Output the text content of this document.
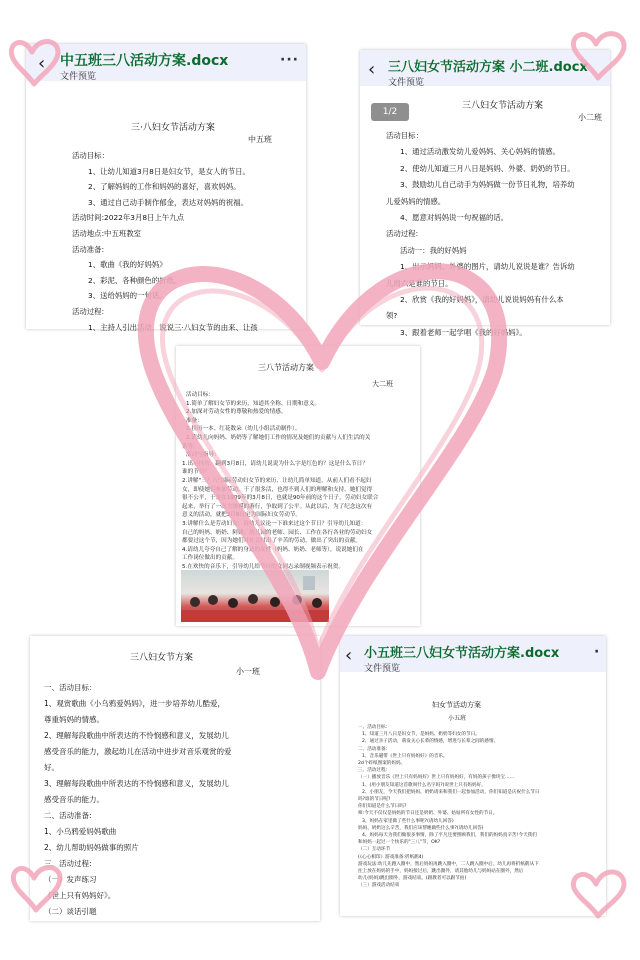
‹ 中五班三八活动方案.docx
文件预览
···
三·八妇女节活动方案
中五班
活动目标：
1、让幼儿知道3月8日是妇女节，是女人的节日。
2、了解妈妈的工作和妈妈的喜好，喜欢妈妈。
3、通过自己动手制作郁金，表达对妈妈的祝福。
活动时间:2022年3月8日上午九点
活动地点:中五班教室
活动准备:
1、歌曲《我的好妈妈》
2、彩泥、各种颜色的折纸。
3、送给妈妈的一句话。
活动过程:
1、主持人引出活动、说说三·八妇女节的由来、让孩
‹ 三八妇女节活动方案 小二班.docx
文件预览
1/2
三八妇女节活动方案
小二班
活动目标：
1、通过活动激发幼儿爱妈妈、关心妈妈的情感。
2、使幼儿知道三月八日是妈妈、外婆、奶奶的节日。
3、鼓励幼儿自己动手为妈妈做一份节日礼物，培养幼
儿爱妈妈的情感。
4、愿意对妈妈说一句祝福的话。
活动过程:
活动一：我的好妈妈
1、出示妈妈、外婆的图片，请幼儿说说是谁？告诉幼
儿周六是谁的节日。
2、欣赏《我的好妈妈》，请幼儿说说妈妈有什么本
领?
3、跟着老师一起学唱《我的好妈妈》。
三八节活动方案
大二班
活动目标：
1.简单了解妇女节的来历，知道其全称、日期和意义。
2.加深对劳动女性的尊敬和热爱的情感。
准备：
1.挂历一本、红花数朵（幼儿小组活动制作）。
2.请幼儿向妈妈、奶奶等了解她们工作的情况及她们的贡献与人们生活的关
系等。
活动与指导：
1.出示挂历，翻到3月8日，请幼儿说说为什么字是红色的？这是什么节日？
谁的节日？
2.讲解"三？八"国际劳动妇女节的来历，让幼儿简单知道，从前人们看不起妇
女，即使她们参加劳动，干了很多活，也得不到人们的理解和支持。她们觉得
很不公平，于是在1909年的3月8日，也就是90年前的这个日子，劳动妇女联合
起来，举行了一次大规模的游行，争取到了公平。从此以后，为了纪念这次有
意义的活动，就把3月8日定为国际妇女劳动节。
3.讲解什么是劳动妇女。请幼儿议论一下谁来过这个节日？引导幼儿知道：
自己的妈妈、奶奶、阿姨、幼儿园的老师、园长、工作在各行各业的劳动妇女
都要过这个节，因为她们对社会付出了辛苦的劳动，做出了突出的贡献。
4.请幼儿夸夸自己了解的身边的女性（妈妈、奶奶、老师等），说说她们在
工作岗位做出的贡献。
5.在欢快的音乐下，引导幼儿给节日的女同志录制视频表示祝贺。
三八妇女节方案
小一班
一、活动目标：
1、观赏歌曲《小乌鸦爱妈妈》，进一步培养幼儿酷爱，
尊重妈妈的情感。
2、理解每段歌曲中所表达的不怜悯感和意义，发展幼儿
感受音乐的能力，激起幼儿在活动中进步对音乐观赏的爱
好。
3、理解每段歌曲中所表达的不怜悯感和意义，发展幼儿
感受音乐的能力。
二、活动准备:
1、小乌鸦爱妈妈歌曲
2、幼儿帮助妈妈做事的照片
三、活动过程:
（一）发声练习
《世上只有妈妈好》。
（二）谈话引题
‹ 小五班三八妇女节活动方案.docx
文件预览
·
妇女节活动方案
小五班
一、活动目标：
1、知道三月八日是妇女节，是妈妈、奶奶等妇女的节日。
2、通过亲子活动，萌发关心长辈的情感，增进与长辈之间的感情。
二、活动准备:
1、音乐磁带《世上只有妈妈好》的音乐。
2d个碎纸图案的妈妈。
三、活动过程:
（一）播放音乐《世上只有妈妈好》世上只有妈妈好，有妈的孩子像块宝……
1、(用小朋友知道这首歌叫什么名字吗?)说世上只有妈妈好。
2、小朋友，今天我们把妈妈、奶奶请来和我们一起参加活动，你们知道是庆祝什么节日
吗?谁的节日呢?
你们知道是什么节日吗?
师:今天不仅仅是妈妈的节日还是奶奶、外婆、姑姑所有女性的节日。
3、妈妈在家里做了些什么事呢?(请幼儿回答)
妈妈、奶奶这么辛苦，我们应该帮她做些什么事?(请幼儿回答)
4、妈妈每天为我们做很多事情，除了平凡还要照顾我们，我们的妈妈真辛苦!今天我们
和妈妈一起过一个快乐的"三八"节，OK?
（二）互动环节
(《心心相印》游戏准备:折纸鹤4)
游戏玩法:幼儿先跑入圈中，然后妈妈再跳入圈中，二人跳入圈中后，幼儿再将折纸鹤从下
往上放在妈妈的手中，妈妈接过后，跳出圈外，请其他幼儿与妈妈站在圈外，然后
幼儿(妈妈)跳出圈外，游戏结束。(跟教者可以跟节拍)
（三）游戏活动结束
